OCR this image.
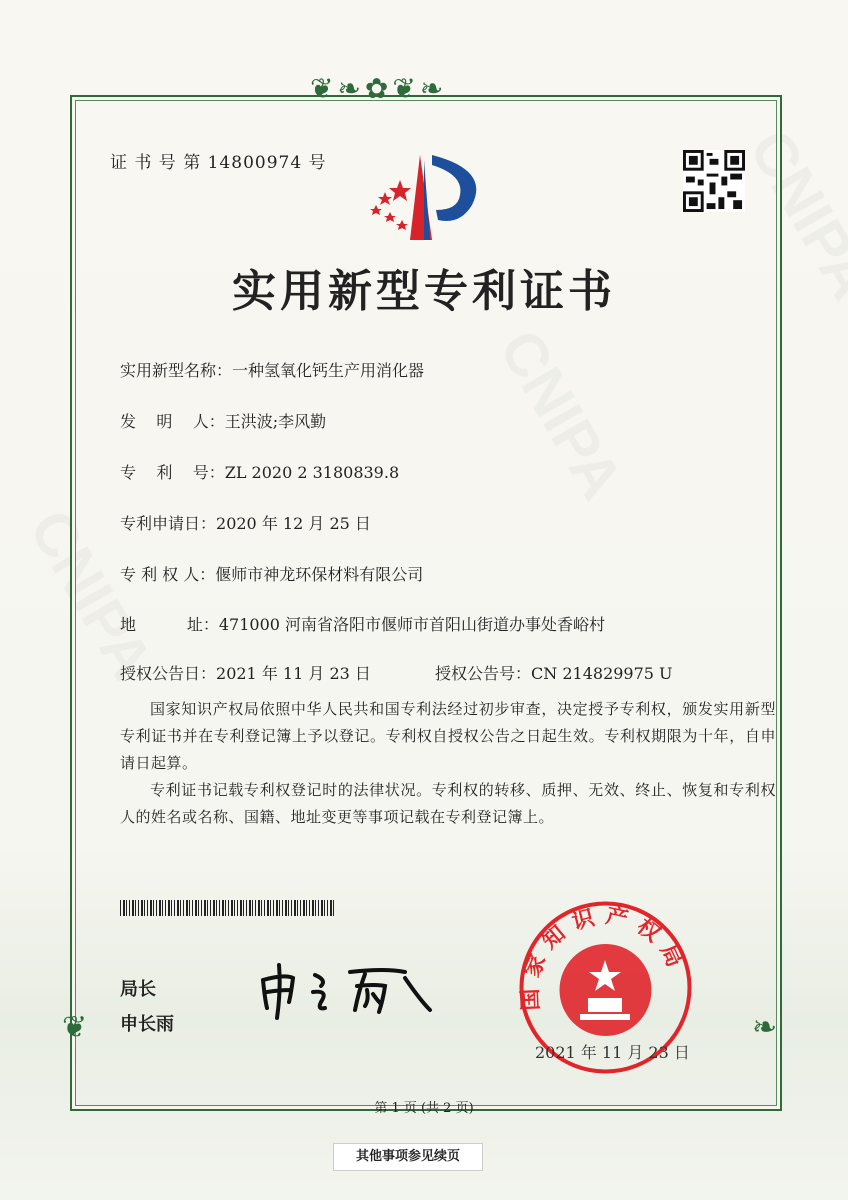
❦❧✿❦❧
❦	❧
证 书 号 第 14800974 号
实用新型专利证书
实用新型名称：一种氢氧化钙生产用消化器
发    明    人：王洪波;李风勤
专    利    号：ZL 2020 2 3180839.8
专利申请日：2020 年 12 月 25 日
专 利 权 人：偃师市神龙环保材料有限公司
地          址：471000 河南省洛阳市偃师市首阳山街道办事处香峪村
授权公告日：2021 年 11 月 23 日	授权公告号：CN 214829975 U
国家知识产权局依照中华人民共和国专利法经过初步审查，决定授予专利权，颁发实用新型专利证书并在专利登记簿上予以登记。专利权自授权公告之日起生效。专利权期限为十年，自申请日起算。
专利证书记载专利权登记时的法律状况。专利权的转移、质押、无效、终止、恢复和专利权人的姓名或名称、国籍、地址变更等事项记载在专利登记簿上。
局长
申长雨
国家知识产权局
2021 年 11 月 23 日
第 1 页 (共 2 页)
其他事项参见续页
